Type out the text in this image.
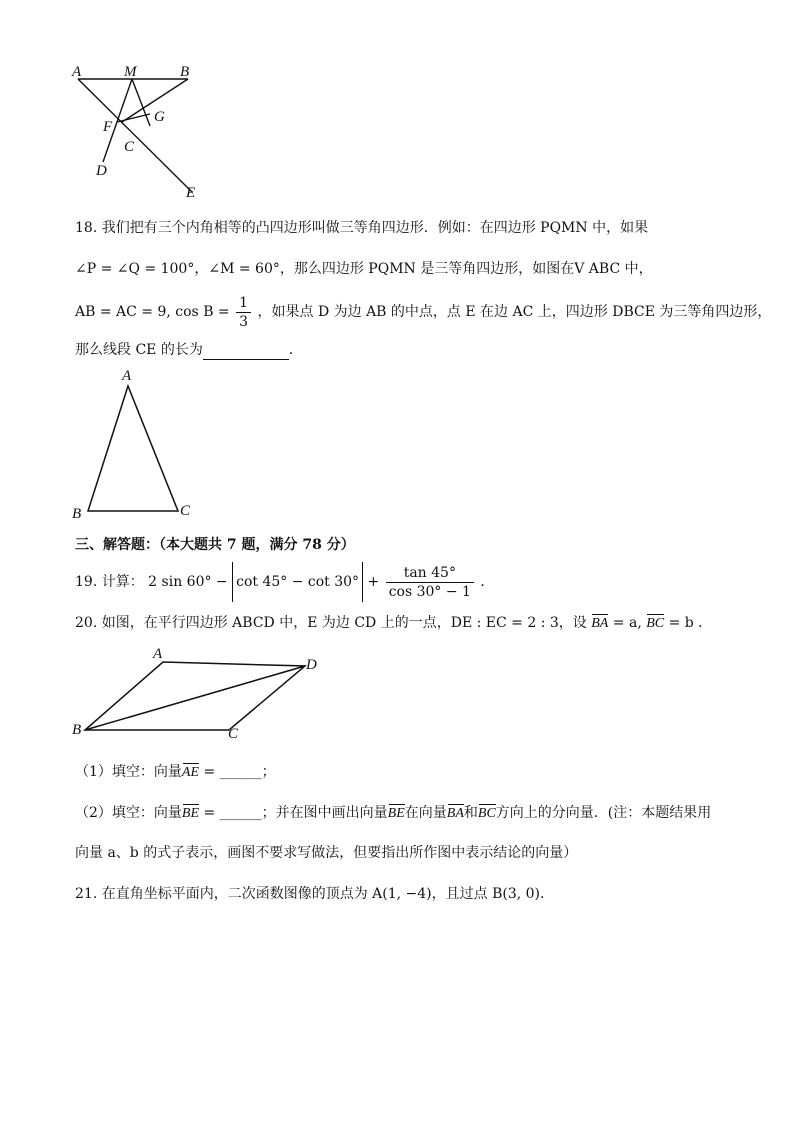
A	M	B
F
G
C
D
E
18. 我们把有三个内角相等的凸四边形叫做三等角四边形．例如：在四边形 PQMN 中，如果
∠P = ∠Q = 100°，∠M = 60°，那么四边形 PQMN 是三等角四边形，如图在V ABC 中，
AB = AC = 9, $\cos B = \frac{1}{3}$ ，如果点 D 为边 AB 的中点，点 E 在边 AC 上，四边形 DBCE 为三等角四边形，
那么线段 CE 的长为	．
A
B	C
三、解答题：（本大题共 7 题，满分 78 分）
19. 计算： 2 $\sin 60^\circ - \cot 45^\circ - \cot 30^\circ + \frac{\tan 45^\circ}{\cos 30^\circ - 1}$ ．
20. 如图，在平行四边形 ABCD 中，E 为边 CD 上的一点，DE : EC = 2 : 3，设 BA = a, BC = b ．
A
D
B	C
（1）填空：向量AE = ______；
（2）填空：向量BE = ______；并在图中画出向量BE在向量BA和BC方向上的分向量．(注：本题结果用
向量 a、b 的式子表示，画图不要求写做法，但要指出所作图中表示结论的向量）
21. 在直角坐标平面内，二次函数图像的顶点为 A(1, −4)，且过点 B(3, 0)．
